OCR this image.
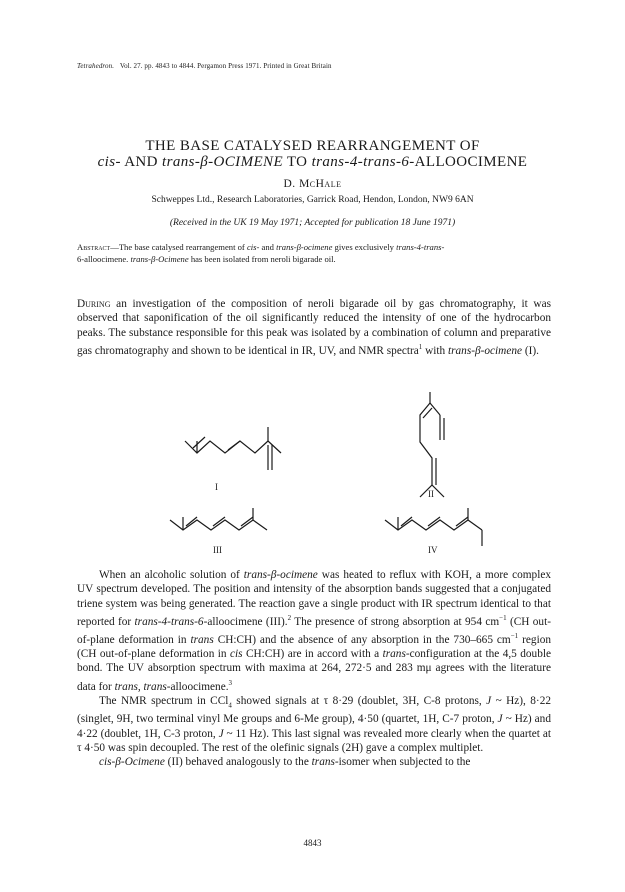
Tetrahedron. Vol. 27. pp. 4843 to 4844. Pergamon Press 1971. Printed in Great Britain
THE BASE CATALYSED REARRANGEMENT OF
cis- AND trans-β-OCIMENE TO trans-4-trans-6-ALLOOCIMENE
D. McHale
Schweppes Ltd., Research Laboratories, Garrick Road, Hendon, London, NW9 6AN
(Received in the UK 19 May 1971; Accepted for publication 18 June 1971)
Abstract—The base catalysed rearrangement of cis- and trans-β-ocimene gives exclusively trans-4-trans-
6-alloocimene. trans-β-Ocimene has been isolated from neroli bigarade oil.

During an investigation of the composition of neroli bigarade oil by gas chromatography, it was observed that saponification of the oil significantly reduced the intensity of one of the hydrocarbon peaks. The substance responsible for this peak was isolated by a combination of column and preparative gas chromatography and shown to be identical in IR, UV, and NMR spectra$^1$ with trans-β-ocimene (I).

I
II
III	IV

When an alcoholic solution of trans-β-ocimene was heated to reflux with KOH, a more complex UV spectrum developed. The position and intensity of the absorption bands suggested that a conjugated triene system was being generated. The reaction gave a single product with IR spectrum identical to that reported for trans-4-trans-6-alloocimene (III).$^2$ The presence of strong absorption at 954 $cm^{-1}$ (CH out-of-plane deformation in trans CH:CH) and the absence of any absorption in the 730–665 $cm^{-1}$ region (CH out-of-plane deformation in cis CH:CH) are in accord with a trans-configuration at the 4,5 double bond. The UV absorption spectrum with maxima at 264, 272·5 and 283 mμ agrees with the literature data for trans, trans-alloocimene.$^3$

The NMR spectrum in CCl$_4$ showed signals at τ 8·29 (doublet, 3H, C-8 protons, J ~ Hz), 8·22 (singlet, 9H, two terminal vinyl Me groups and 6-Me group), 4·50 (quartet, 1H, C-7 proton, J ~ Hz) and 4·22 (doublet, 1H, C-3 proton, J ~ 11 Hz). This last signal was revealed more clearly when the quartet at τ 4·50 was spin decoupled. The rest of the olefinic signals (2H) gave a complex multiplet.

cis-β-Ocimene (II) behaved analogously to the trans-isomer when subjected to the

4843
